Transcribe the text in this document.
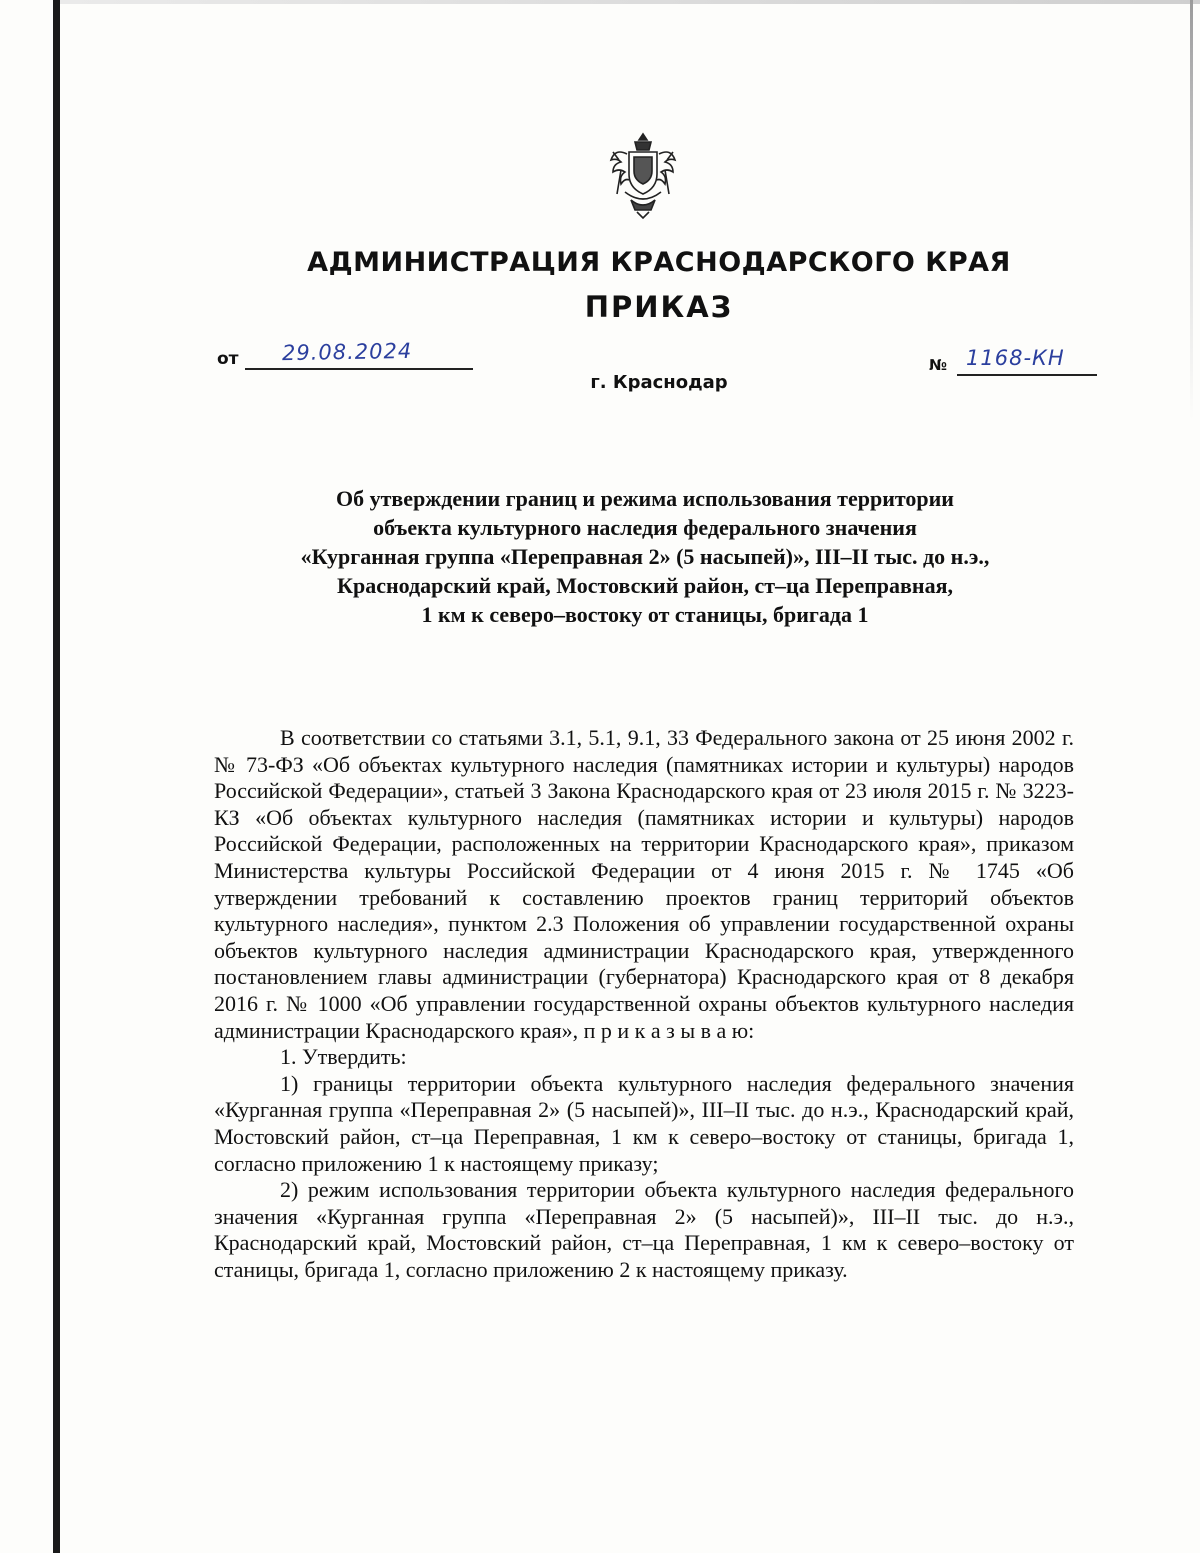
АДМИНИСТРАЦИЯ КРАСНОДАРСКОГО КРАЯ
ПРИКАЗ
от 29.08.2024
г. Краснодар
№ 1168-КН
Об утверждении границ и режима использования территории
объекта культурного наследия федерального значения
«Курганная группа «Переправная 2» (5 насыпей)», III–II тыс. до н.э.,
Краснодарский край, Мостовский район, ст–ца Переправная,
1 км к северо–востоку от станицы, бригада 1

В соответствии со статьями 3.1, 5.1, 9.1, 33 Федерального закона от 25 июня 2002 г. № 73-ФЗ «Об объектах культурного наследия (памятниках истории и культуры) народов Российской Федерации», статьей 3 Закона Краснодарского края от 23 июля 2015 г. № 3223-КЗ «Об объектах культурного наследия (памятниках истории и культуры) народов Российской Федерации, расположенных на территории Краснодарского края», приказом Министерства культуры Российской Федерации от 4 июня 2015 г. № 1745 «Об утверждении требований к составлению проектов границ территорий объектов культурного наследия», пунктом 2.3 Положения об управлении государственной охраны объектов культурного наследия администрации Краснодарского края, утвержденного постановлением главы администрации (губернатора) Краснодарского края от 8 декабря 2016 г. № 1000 «Об управлении государственной охраны объектов культурного наследия администрации Краснодарского края», п р и к а з ы в а ю:

1. Утвердить:

1) границы территории объекта культурного наследия федерального значения «Курганная группа «Переправная 2» (5 насыпей)», III–II тыс. до н.э., Краснодарский край, Мостовский район, ст–ца Переправная, 1 км к северо–востоку от станицы, бригада 1, согласно приложению 1 к настоящему приказу;

2) режим использования территории объекта культурного наследия федерального значения «Курганная группа «Переправная 2» (5 насыпей)», III–II тыс. до н.э., Краснодарский край, Мостовский район, ст–ца Переправная, 1 км к северо–востоку от станицы, бригада 1, согласно приложению 2 к настоящему приказу.
